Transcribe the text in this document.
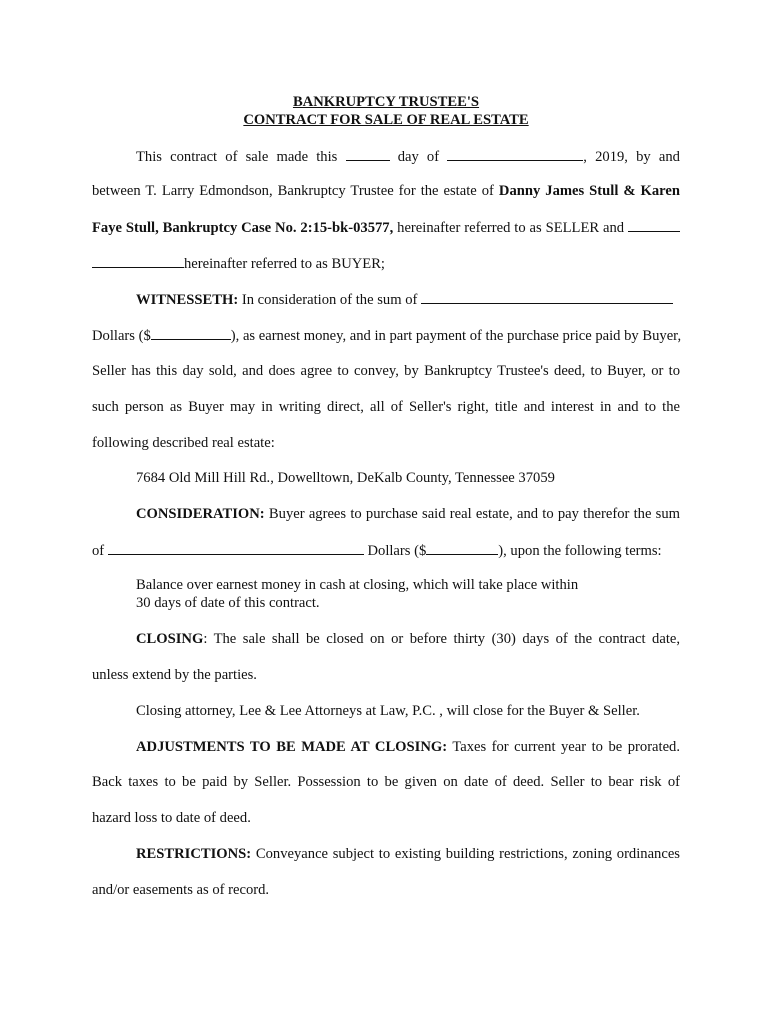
BANKRUPTCY TRUSTEE'S
CONTRACT FOR SALE OF REAL ESTATE
This contract of sale made this	day of	, 2019, by and
between T. Larry Edmondson, Bankruptcy Trustee for the estate of Danny James Stull & Karen
Faye Stull, Bankruptcy Case No. 2:15-bk-03577, hereinafter referred to as SELLER and
hereinafter referred to as BUYER;
WITNESSETH: In consideration of the sum of
Dollars ($	), as earnest money, and in part payment of the purchase price paid by Buyer,
Seller has this day sold, and does agree to convey, by Bankruptcy Trustee's deed, to Buyer, or to
such person as Buyer may in writing direct, all of Seller's right, title and interest in and to the
following described real estate:
7684 Old Mill Hill Rd., Dowelltown, DeKalb County, Tennessee 37059
CONSIDERATION: Buyer agrees to purchase said real estate, and to pay therefor the sum
of	Dollars ($	), upon the following terms:
Balance over earnest money in cash at closing, which will take place within
30 days of date of this contract.
CLOSING: The sale shall be closed on or before thirty (30) days of the contract date,
unless extend by the parties.
Closing attorney, Lee & Lee Attorneys at Law, P.C. , will close for the Buyer & Seller.
ADJUSTMENTS TO BE MADE AT CLOSING: Taxes for current year to be prorated.
Back taxes to be paid by Seller. Possession to be given on date of deed. Seller to bear risk of
hazard loss to date of deed.
RESTRICTIONS: Conveyance subject to existing building restrictions, zoning ordinances
and/or easements as of record.
